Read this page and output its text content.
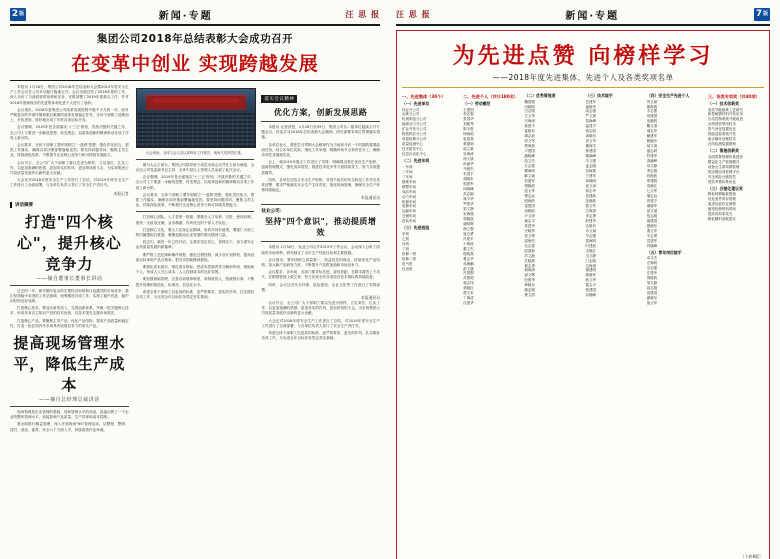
2 版	新闻·专题	汪 思 报
集团公司2018年总结表彰大会成功召开
在变革中创业 实现跨越发展

本报讯 1月26日，集团公司2018年总结表彰大会暨2019年度安全生产工作会议在公司多功能厅隆重召开。会议全面总结了2018年度的工作，深入分析了当前面临的形势和任务，安排部署了2019年度重点工作，并对2018年度涌现出的先进集体和先进个人进行了表彰。

会议指出，2018年是集团公司改革发展进程中极不平凡的一年，面对严峻复杂的外部环境和艰巨繁重的改革发展稳定任务，全体干部职工迎难而上、开拓进取，较好地完成了年度各项目标任务。

会议强调，2019年是全面落实'十三五'规划、决战决胜的关键之年，全公司上下要进一步解放思想、转变观念，以改革创新的精神推动各项工作再上新台阶。

会议要求，全体干部职工要牢固树立'一盘棋'思想，强化责任担当，狠抓工作落实，确保各项决策部署落地见效。要坚持问题导向，聚焦主责主业，持续深化改革，不断提升企业核心竞争力和可持续发展能力。

会议号召，全公司广大干部职工要以先进为榜样，立足岗位、扎实工作，以更加饱满的热情、更加务实的作风、更加昂扬的斗志，为实现集团公司高质量发展作出新的更大贡献。

大会还对2018年度安全生产工作进行了总结，对2019年度安全生产工作进行了全面部署，与各单位负责人签订了安全生产责任书。

本报记者
讲话摘要
打造"四个核心"，提升核心竞争力
——摘自董事长董事长讲话

过去的一年，面对错综复杂的宏观经济形势和日趋激烈的市场竞争，我们坚持稳中求进的工作总基调，统筹推进各项工作，实现了稳中有进、稳中向好的良好局面。

打造核心技术。要加大研发投入，完善创新体系，突破一批关键核心技术，形成具有自主知识产权的技术优势，以技术领先支撑市场领先。

打造核心产品。要聚焦主导产品，优化产品结构，提高产品质量和稳定性，打造一批在国内外市场具有较强竞争力的拳头产品。

提高现场管理水平，降低生产成本
——摘自总经理总裁讲话

现场管理是企业管理的基础，现场管理水平的高低，直接反映了一个企业的整体管理水平，直接影响产品质量、生产效率和成本控制。

要全面推行精益管理，深入开展现场"6S"管理活动，从整理、整顿、清扫、清洁、素养、安全六个方面入手，持续改善作业环境。

大会现场。全体与会人员认真听取工作报告，现场气氛热烈庄重。

图为大会主席台。集团公司领导班子成员出席会议并在主席台就座，会议由公司党委副书记主持，全体中层以上管理人员参加了此次会议。

会议强调，2019年是全面落实'十三五'规划、决战决胜的关键之年，全公司上下要进一步解放思想、转变观念，以改革创新的精神推动各项工作再上新台阶。

会议要求，全体干部职工要牢固树立'一盘棋'思想，强化责任担当，狠抓工作落实，确保各项决策部署落地见效。要坚持问题导向，聚焦主责主业，持续深化改革，不断提升企业核心竞争力和可持续发展能力。

打造核心团队。人才是第一资源，要健全人才培养、引进、使用机制，建设一支政治过硬、业务精湛、作风优良的干部人才队伍。

打造核心文化。要大力弘扬企业精神，培育共同价值观，增强广大职工的归属感和自豪感，凝聚起推动企业发展的强大精神力量。

同志们，新的一年已经开启，让我们坚定信心、真抓实干，奋力谱写企业高质量发展的新篇章。

要严格工艺纪律和操作规程，强化过程控制，减少非计划停机，提高设备运转率和产品合格率，把各类损耗降到最低。

要强化成本意识，细化成本指标，把成本控制责任分解到车间、班组和个人，形成人人关心成本、人人控制成本的良好氛围。

要加强基础管理，完善各项规章制度，用制度管人、按流程办事，不断提升管理的规范化、标准化、信息化水平。

希望全体干部职工以更高的标准、更严的要求、更实的作风，扎实做好各项工作，为完成全年目标任务奠定坚实基础。

落实会议精神
优化方案，创新发展思路

本报讯 记者获悉，1月28日至29日，集团公司各二级单位陆续召开专题会议，传达学习2018年总结表彰大会精神，研究部署本单位贯彻落实措施。

各单位表示，要把学习贯彻大会精神作为当前和今后一个时期的重要政治任务，结合本单位实际，细化工作举措，明确时间节点和责任分工，确保各项任务落到实处。

会上，就2019年重点工作进行了安排，明确提出要在优化生产组织、创新管理模式、强化成本管控、推进技术进步等方面持续发力，努力实现提质增效。

同时，各单位还结合安全生产形势，对春节前后的安全防范工作作出具体部署，要求严格落实安全生产主体责任，强化现场管理，确保安全生产形势持续稳定。

本报通讯员
钛业公司：
坚持"四个意识"，推动提质增效

本报讯 1月30日，钛业公司召开2019年工作会议，会议深入分析了面临的市场形势，研究制定了全年生产经营目标和主要措施。

会议指出，要牢固树立质量第一、效益优先的理念，持续优化产品结构，加大新产品研发力度，不断提升产品附加值和市场竞争力。

会议要求，各车间、各部门要对标先进、查找差距，在降本增效上下功夫，在精细管理上做文章，努力实现全年各项经济技术指标的持续改善。

同时，会议还对安全环保、队伍建设、企业文化等工作进行了安排部署。

本报通讯员

会议号召，全公司广大干部职工要以先进为榜样，立足岗位、扎实工作，以更加饱满的热情、更加务实的作风、更加昂扬的斗志，为实现集团公司高质量发展作出新的更大贡献。

大会还对2018年度安全生产工作进行了总结，对2019年度安全生产工作进行了全面部署，与各单位负责人签订了安全生产责任书。

希望全体干部职工以更高的标准、更严的要求、更实的作风，扎实做好各项工作，为完成全年目标任务奠定坚实基础。

7 版
新闻·专题
汪 思 报
为先进点赞 向榜样学习
——2018年度先进集体、先进个人及各类奖项名单
一、先进集体（30个）
（一）先进单位
钛业分公司
冶炼分公司
机械制造分公司
能源动力分公司
矿业开发分公司
物资供应分公司
设备检修分公司
质量检测中心
技术研发中心
信息自动化中心
（二）先进车间
一车间
二车间
三车间
熔炼车间
精整车间
成品车间
动力车间
机修车间
电修车间
运输车间
仓储车间
包装车间
（三）先进班组
甲班
乙班
丙班
丁班
检修一班
检修二班
电气班
仪表班
二、先进个人（共计180名）
（一）劳动模范
王建国
李志强
张国华
刘雅琴
陈永胜
杨晓明
赵春燕
黄德明
周立新
吴海涛
徐文斌
孙丽华
马俊杰
朱国平
胡晓东
郭建军
何晓峰
高志刚
林少华
罗建华
梁文静
宋海燕
郑晓波
谢明辉
韩立强
唐志勇
冯建平
于海波
董文杰
程晓燕
曹志华
邓海鹏
彭文斌
吕国强
苏建明
蒋志伟
蔡晓红
贾文军
丁海清
沈建华
（二）优秀管理者
魏国强
田晓明
白志刚
方文华
石海涛
姜建平
崔晓东
谭志新
廖文军
樊海燕
卢建国
潘晓峰
范文杰
万志强
柳海明
解文斌
贺建军
康晓波
屈文华
傅志远
段海波
雷建国
汤晓丽
尹文涛
龚志平
常建华
史晓军
侯文博
邵海亮
毛志强
邱建新
洪文静
武晓燕
翟志勇
柯海涛
谌文辉
纪建华
荆晓东
蒲志刚
鲁文清
（三）技术能手
岳建军
童晓华
阎志强
严文斌
葛海峰
温建平
骆志明
项晓东
祝文华
董海生
钟建国
栗晓峰
辛文强
麦志刚
容海燕
宁建军
单晓明
池文涛
席志华
苗建新
花晓波
燕文军
关海清
申志勇
舒建华
农晓东
乔文斌
岑志强
裴海明
时建波
支晓红
全文静
门志刚
边海涛
褚建明
练晓军
戚文华
霍志平
敖建国
祁晓峰
（四）安全生产先进个人
巩文斌
都海燕
木志强
项建国
连晓明
鞠文清
翁志华
臧建军
甄晓东
郝文涛
盛志明
符建华
查晓峰
母文静
季志刚
昌海波
牟建明
苗晓红
乜文军
屠志远
冉建平
桑晓华
邰文斌
危志刚
闻建国
夏晓东
燕文华
羊志勇
袁建军
佟晓峰
（五）青年岗位能手
卓文杰
左海明
宗志强
庄建华
訾晓波
邹文静
祖志刚
昝建国
翟晓东
战文军
三、各类专项奖（共40项）
（一）技术创新奖
高效节能熔炼工艺研究
新型耐磨材料开发应用
自动控制系统升级改造
余热回收利用技术
尾气净化装置优化
智能巡检系统开发
废水循环处理技术
在线检测装置研制
（二）管理创新奖
全面预算管理体系建设
精益化生产管理模式
设备全生命周期管理
供应链协同管理平台
安全风险分级管控
绩效考核体系优化
（三）合理化建议奖
降低吨钢能耗措施
优化备件库存管理
改进包装作业流程
缩短检修停机时间
提高成材率攻关
降低辅料消耗建议
（下转8版）
